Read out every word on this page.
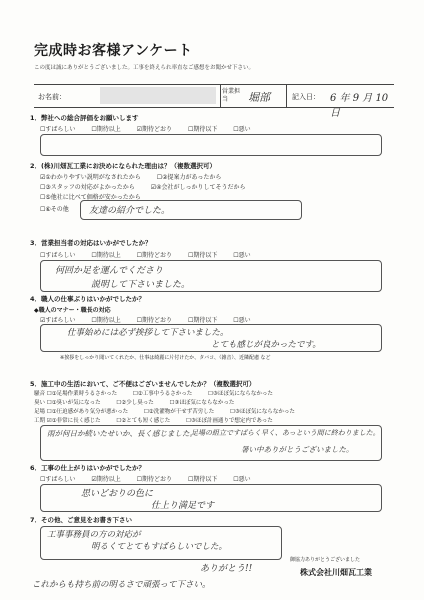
完成時お客様アンケート
この度は誠にありがとうございました。工事を終えられ率直なご感想をお聞かせ下さい。
お名前：
営業担当	堀部	記入日： 6 年 9 月 10 日
1．弊社への総合評価をお願いします
☐すばらしい	☐期待以上	☑期待どおり	☐期待以下	☐悪い
2．(株)川畑瓦工業にお決めになられた理由は？（複数選択可）
☑①わかりやすい説明がなされたから	☐②提案力があったから
☐③スタッフの対応がよかったから	☑④会社がしっかりしてそうだから
☐⑤他社に比べて価格が安かったから
☐⑥その他 友達の紹介でした。
3．営業担当者の対応はいかがでしたか？
☐すばらしい	☐期待以上	☐期待どおり	☐期待以下	☐悪い
何回か足を運んでくださり
説明して下さいました。
4．職人の仕事ぶりはいかがでしたか？
◆職人のマナー・職長の対応
☑すばらしい	☐期待以上	☐期待どおり	☐期待以下	☐悪い
仕事始めには必ず挨拶して下さいました。
とても感じが良かったです。
※挨拶をしっかり聞いてくれたか、仕事は綺麗に片付けたか、タバコ、（雑音）、近隣配慮 など
5．施工中の生活において、ご不便はございませんでしたか？（複数選択可）
騒音 ☐①足場作業時うるさかった	☐②工事中うるさかった	☐③ほぼ気にならなかった
臭い ☐①臭いが気になった	☐②少し臭った	☐③ほぼ気にならなかった
足場 ☐①圧迫感があり気分が悪かった	☐②洗濯物が干せず苦労した	☐③ほぼ気にならなかった
工期 ☑①非常に長く感じた	☐②とても短く感じた	☐③ほぼ計画通りで想定内であった
雨が何日か続いたせいか、長く感じました。
足場の組立ですばらく早く、あっという間に終わりました。
暑い中ありがとうございました。
6．工事の仕上がりはいかがでしたか？
☐すばらしい	☑期待以上	☐期待どおり	☐期待以下	☐悪い
思いどおりの色に
仕上り満足です
7．その他、ご意見をお書き下さい
工事事務員の方の対応が
明るくてとてもすばらしいでした。
ありがとう!!
これからも持ち前の明るさで頑張って下さい。
御協力ありがとうございました
株式会社川畑瓦工業
